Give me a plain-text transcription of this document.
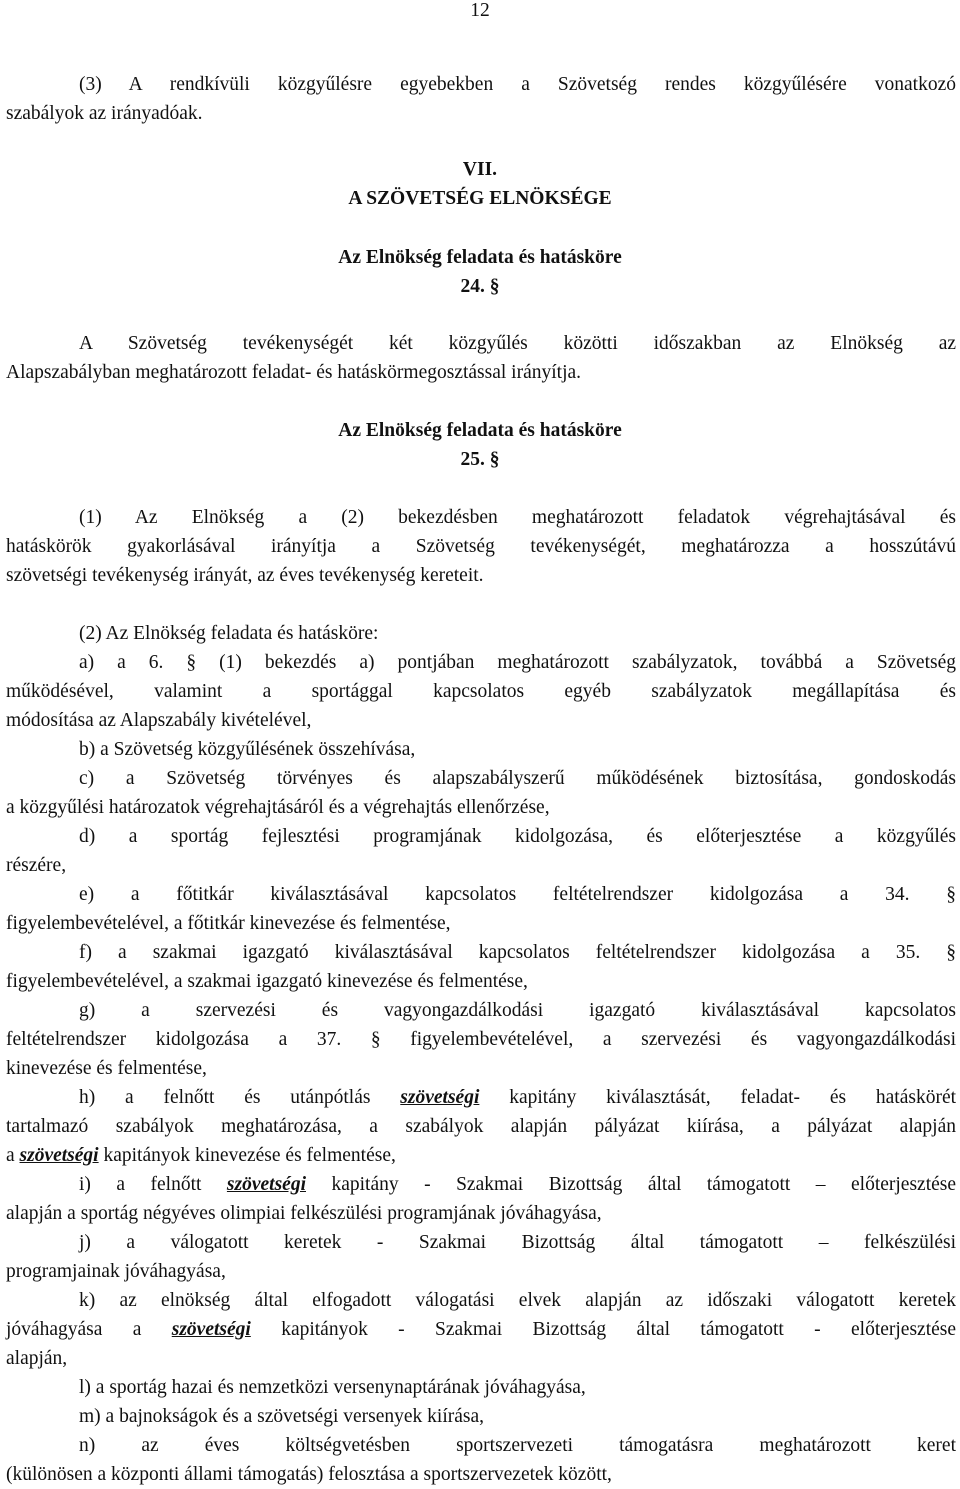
12
(3) A rendkívüli közgyűlésre egyebekben a Szövetség rendes közgyűlésére vonatkozó
szabályok az irányadóak.
VII.
A SZÖVETSÉG ELNÖKSÉGE
Az Elnökség feladata és hatásköre
24. §
A Szövetség tevékenységét két közgyűlés közötti időszakban az Elnökség az
Alapszabályban meghatározott feladat- és hatáskörmegosztással irányítja.
Az Elnökség feladata és hatásköre
25. §
(1) Az Elnökség a (2) bekezdésben meghatározott feladatok végrehajtásával és
hatáskörök gyakorlásával irányítja a Szövetség tevékenységét, meghatározza a hosszútávú
szövetségi tevékenység irányát, az éves tevékenység kereteit.
(2) Az Elnökség feladata és hatásköre:
a) a 6. § (1) bekezdés a) pontjában meghatározott szabályzatok, továbbá a Szövetség
működésével, valamint a sportággal kapcsolatos egyéb szabályzatok megállapítása és
módosítása az Alapszabály kivételével,
b) a Szövetség közgyűlésének összehívása,
c) a Szövetség törvényes és alapszabályszerű működésének biztosítása, gondoskodás
a közgyűlési határozatok végrehajtásáról és a végrehajtás ellenőrzése,
d) a sportág fejlesztési programjának kidolgozása, és előterjesztése a közgyűlés
részére,
e) a főtitkár kiválasztásával kapcsolatos feltételrendszer kidolgozása a 34. §
figyelembevételével, a főtitkár kinevezése és felmentése,
f) a szakmai igazgató kiválasztásával kapcsolatos feltételrendszer kidolgozása a 35. §
figyelembevételével, a szakmai igazgató kinevezése és felmentése,
g) a szervezési és vagyongazdálkodási igazgató kiválasztásával kapcsolatos
feltételrendszer kidolgozása a 37. § figyelembevételével, a szervezési és vagyongazdálkodási
kinevezése és felmentése,
h) a felnőtt és utánpótlás szövetségi kapitány kiválasztását, feladat- és hatáskörét
tartalmazó szabályok meghatározása, a szabályok alapján pályázat kiírása, a pályázat alapján
a szövetségi kapitányok kinevezése és felmentése,
i) a felnőtt szövetségi kapitány - Szakmai Bizottság által támogatott – előterjesztése
alapján a sportág négyéves olimpiai felkészülési programjának jóváhagyása,
j) a válogatott keretek - Szakmai Bizottság által támogatott – felkészülési
programjainak jóváhagyása,
k) az elnökség által elfogadott válogatási elvek alapján az időszaki válogatott keretek
jóváhagyása a szövetségi kapitányok - Szakmai Bizottság által támogatott - előterjesztése
alapján,
l) a sportág hazai és nemzetközi versenynaptárának jóváhagyása,
m) a bajnokságok és a szövetségi versenyek kiírása,
n) az éves költségvetésben sportszervezeti támogatásra meghatározott keret
(különösen a központi állami támogatás) felosztása a sportszervezetek között,
